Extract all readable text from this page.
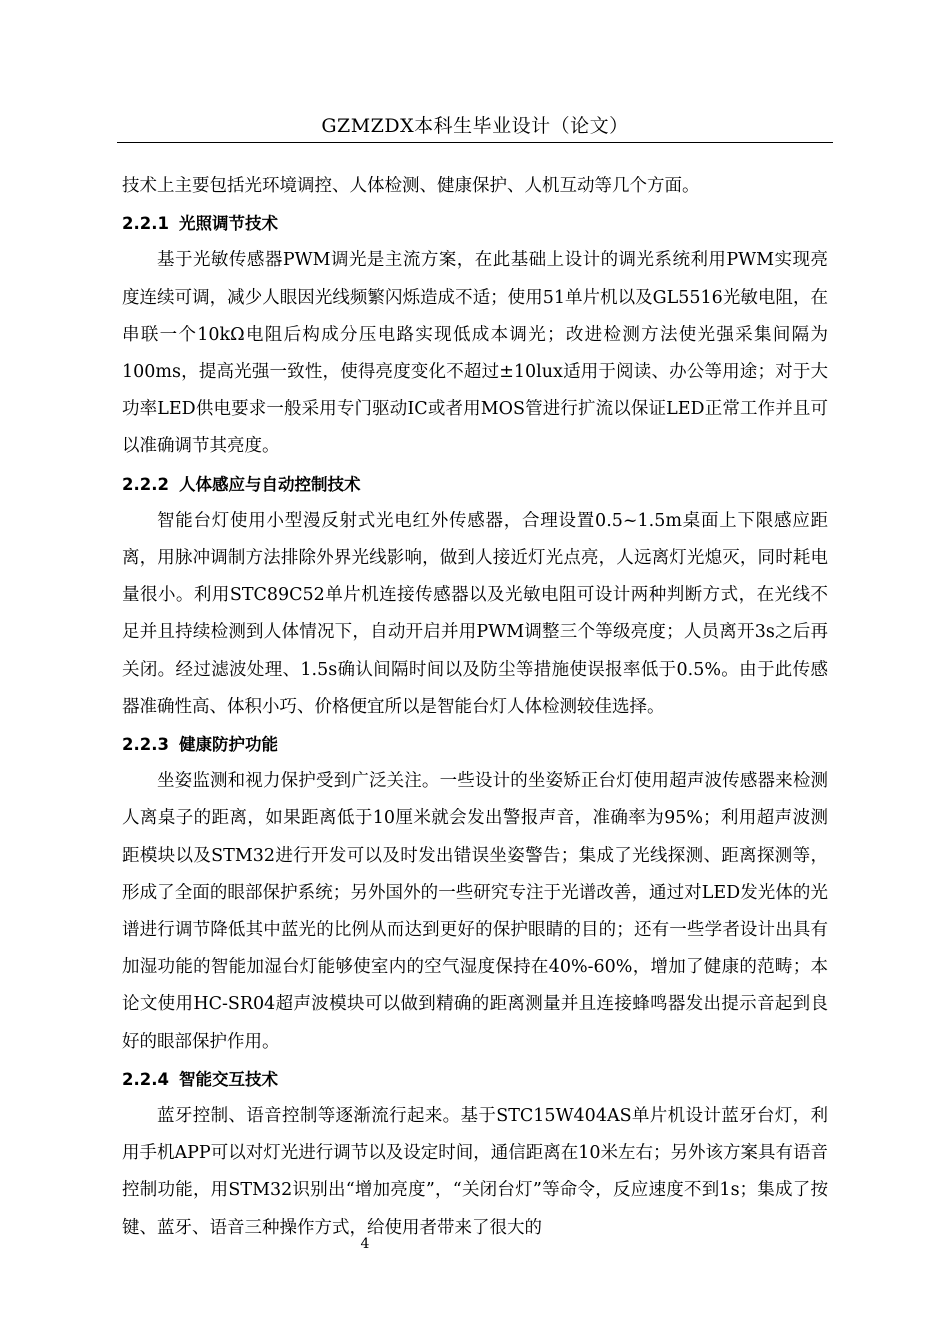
GZMZDX本科生毕业设计（论文）

技术上主要包括光环境调控、人体检测、健康保护、人机互动等几个方面。

2.2.1 光照调节技术

基于光敏传感器PWM调光是主流方案，在此基础上设计的调光系统利用PWM实现亮度连续可调，减少人眼因光线频繁闪烁造成不适；使用51单片机以及GL5516光敏电阻，在串联一个10kΩ电阻后构成分压电路实现低成本调光；改进检测方法使光强采集间隔为100ms，提高光强一致性，使得亮度变化不超过±10lux适用于阅读、办公等用途；对于大功率LED供电要求一般采用专门驱动IC或者用MOS管进行扩流以保证LED正常工作并且可以准确调节其亮度。

2.2.2 人体感应与自动控制技术

智能台灯使用小型漫反射式光电红外传感器，合理设置0.5~1.5m桌面上下限感应距离，用脉冲调制方法排除外界光线影响，做到人接近灯光点亮，人远离灯光熄灭，同时耗电量很小。利用STC89C52单片机连接传感器以及光敏电阻可设计两种判断方式，在光线不足并且持续检测到人体情况下，自动开启并用PWM调整三个等级亮度；人员离开3s之后再关闭。经过滤波处理、1.5s确认间隔时间以及防尘等措施使误报率低于0.5%。由于此传感器准确性高、体积小巧、价格便宜所以是智能台灯人体检测较佳选择。

2.2.3 健康防护功能

坐姿监测和视力保护受到广泛关注。一些设计的坐姿矫正台灯使用超声波传感器来检测人离桌子的距离，如果距离低于10厘米就会发出警报声音，准确率为95%；利用超声波测距模块以及STM32进行开发可以及时发出错误坐姿警告；集成了光线探测、距离探测等，形成了全面的眼部保护系统；另外国外的一些研究专注于光谱改善，通过对LED发光体的光谱进行调节降低其中蓝光的比例从而达到更好的保护眼睛的目的；还有一些学者设计出具有加湿功能的智能加湿台灯能够使室内的空气湿度保持在40%-60%，增加了健康的范畴；本论文使用HC-SR04超声波模块可以做到精确的距离测量并且连接蜂鸣器发出提示音起到良好的眼部保护作用。

2.2.4 智能交互技术

蓝牙控制、语音控制等逐渐流行起来。基于STC15W404AS单片机设计蓝牙台灯，利用手机APP可以对灯光进行调节以及设定时间，通信距离在10米左右；另外该方案具有语音控制功能，用STM32识别出“增加亮度”，“关闭台灯”等命令，反应速度不到1s；集成了按键、蓝牙、语音三种操作方式，给使用者带来了很大的

4
